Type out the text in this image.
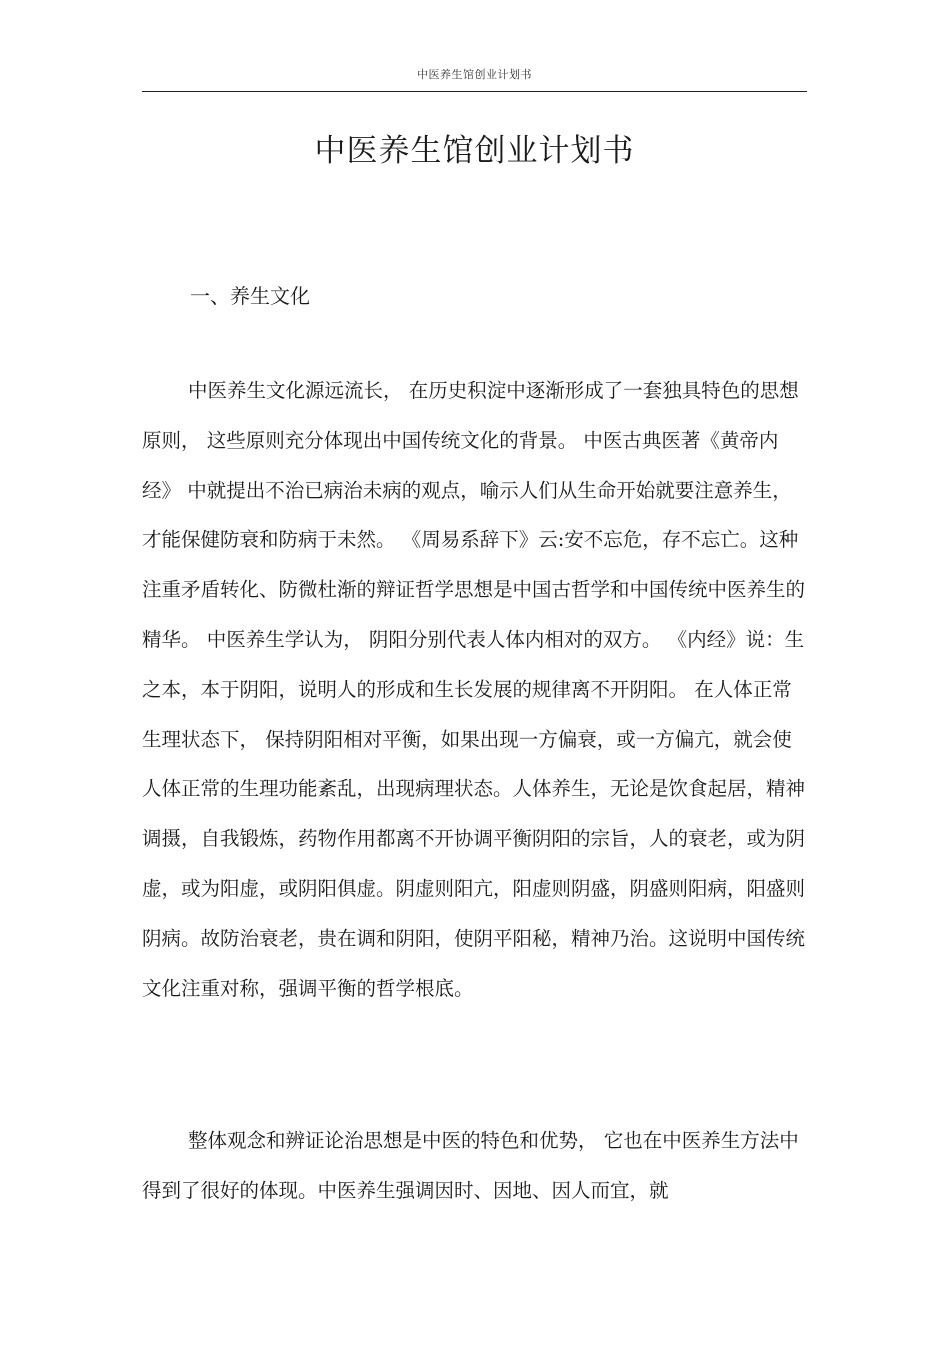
中医养生馆创业计划书
中医养生馆创业计划书
一、养生文化

中医养生文化源远流长， 在历史积淀中逐渐形成了一套独具特色的思想原则， 这些原则充分体现出中国传统文化的背景。 中医古典医著《黄帝内经》 中就提出不治已病治未病的观点，喻示人们从生命开始就要注意养生，才能保健防衰和防病于未然。 《周易系辞下》云:安不忘危，存不忘亡。这种注重矛盾转化、防微杜渐的辩证哲学思想是中国古哲学和中国传统中医养生的精华。 中医养生学认为， 阴阳分别代表人体内相对的双方。 《内经》说：生之本，本于阴阳，说明人的形成和生长发展的规律离不开阴阳。 在人体正常生理状态下， 保持阴阳相对平衡，如果出现一方偏衰，或一方偏亢，就会使人体正常的生理功能紊乱，出现病理状态。人体养生，无论是饮食起居，精神调摄，自我锻炼，药物作用都离不开协调平衡阴阳的宗旨，人的衰老，或为阴虚，或为阳虚，或阴阳俱虚。阴虚则阳亢，阳虚则阴盛，阴盛则阳病，阳盛则阴病。故防治衰老，贵在调和阴阳，使阴平阳秘，精神乃治。这说明中国传统文化注重对称，强调平衡的哲学根底。

整体观念和辨证论治思想是中医的特色和优势， 它也在中医养生方法中得到了很好的体现。中医养生强调因时、因地、因人而宜，就
